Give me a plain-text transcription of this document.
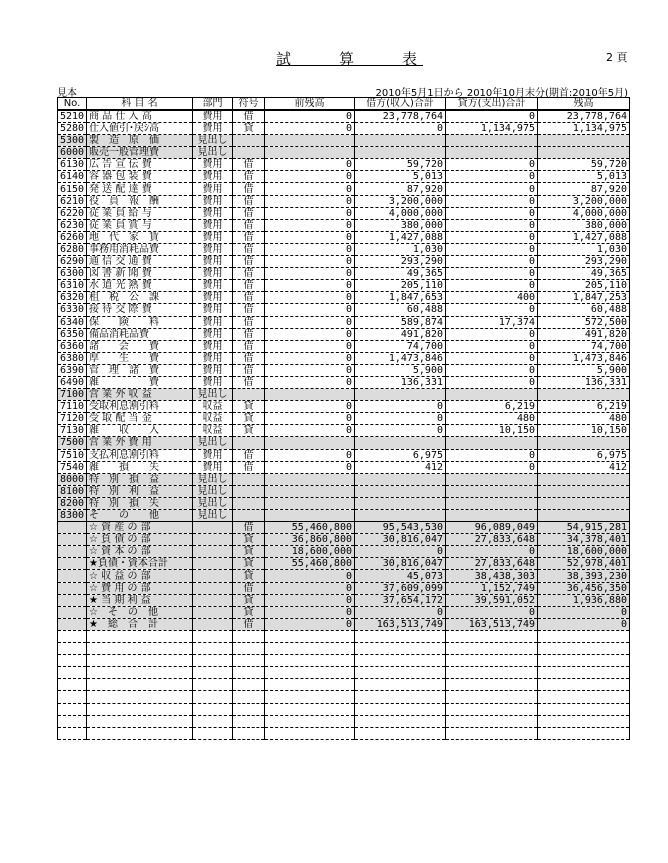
試　　算　　表	2 頁
見本	2010年5月1日から 2010年10月末分(期首:2010年5月)
No.	科 目 名	部門	符号	前残高	借方(収入)合計	貸方(支出)合計	残高
5210	商 品 仕 入 高	費用	借	0	23,778,764	0	23,778,764
5280	仕入値引･戻ｼ高	費用	貸	0	0	1,134,975	1,134,975
5300	製　造　原　価	見出し					
6000	販売一般管理費	見出し					
6130	広 告 宣 伝 費	費用	借	0	59,720	0	59,720
6140	容 器 包 装 費	費用	借	0	5,013	0	5,013
6150	発 送 配 達 費	費用	借	0	87,920	0	87,920
6210	役　員　報　酬	費用	借	0	3,200,000	0	3,200,000
6220	従 業 員 給 与	費用	借	0	4,000,000	0	4,000,000
6230	従 業 員 賞 与	費用	借	0	380,000	0	380,000
6260	地　代　家　賃	費用	借	0	1,427,088	0	1,427,088
6280	事務用消耗品費	費用	借	0	1,030	0	1,030
6290	通 信 交 通 費	費用	借	0	293,290	0	293,290
6300	図 書 新 聞 費	費用	借	0	49,365	0	49,365
6310	水 道 光 熱 費	費用	借	0	205,110	0	205,110
6320	租　税　公　課	費用	借	0	1,847,653	400	1,847,253
6330	接 待 交 際 費	費用	借	0	60,488	0	60,488
6340	保　　険　　料	費用	借	0	589,874	17,374	572,500
6350	備品消耗品費	費用	借	0	491,820	0	491,820
6360	諸　　会　　費	費用	借	0	74,700	0	74,700
6380	厚　　生　　費	費用	借	0	1,473,846	0	1,473,846
6390	管　理　諸　費	費用	借	0	5,900	0	5,900
6490	雑　　　　　費	費用	借	0	136,331	0	136,331
7100	営 業 外 収 益	見出し					
7110	受取利息割引料	収益	貸	0	0	6,219	6,219
7120	受 取 配 当 金	収益	貸	0	0	480	480
7130	雑　　収　　入	収益	貸	0	0	10,150	10,150
7500	営 業 外 費 用	見出し					
7510	支払利息割引料	費用	借	0	6,975	0	6,975
7540	雑　　損　　失	費用	借	0	412	0	412
8000	特　別　損　益	見出し					
8100	特　別　利　益	見出し					
8200	特　別　損　失	見出し					
8300	そ　　の　　他	見出し					
	☆ 資 産 の 部		借	55,460,800	95,543,530	96,089,049	54,915,281
	☆ 負 債 の 部		貸	36,860,800	30,816,047	27,833,648	34,378,401
	☆ 資 本 の 部		貸	18,600,000	0	0	18,600,000
	★負債・資本合計		貸	55,460,800	30,816,047	27,833,648	52,978,401
	☆ 収 益 の 部		貸	0	45,073	38,438,303	38,393,230
	☆ 費 用 の 部		借	0	37,609,099	1,152,749	36,456,350
	★ 当 期 利 益		貸	0	37,654,172	39,591,052	1,936,880
	☆　そ　の　他		貸	0	0	0	0
	★　総　合　計		借	0	163,513,749	163,513,749	0
